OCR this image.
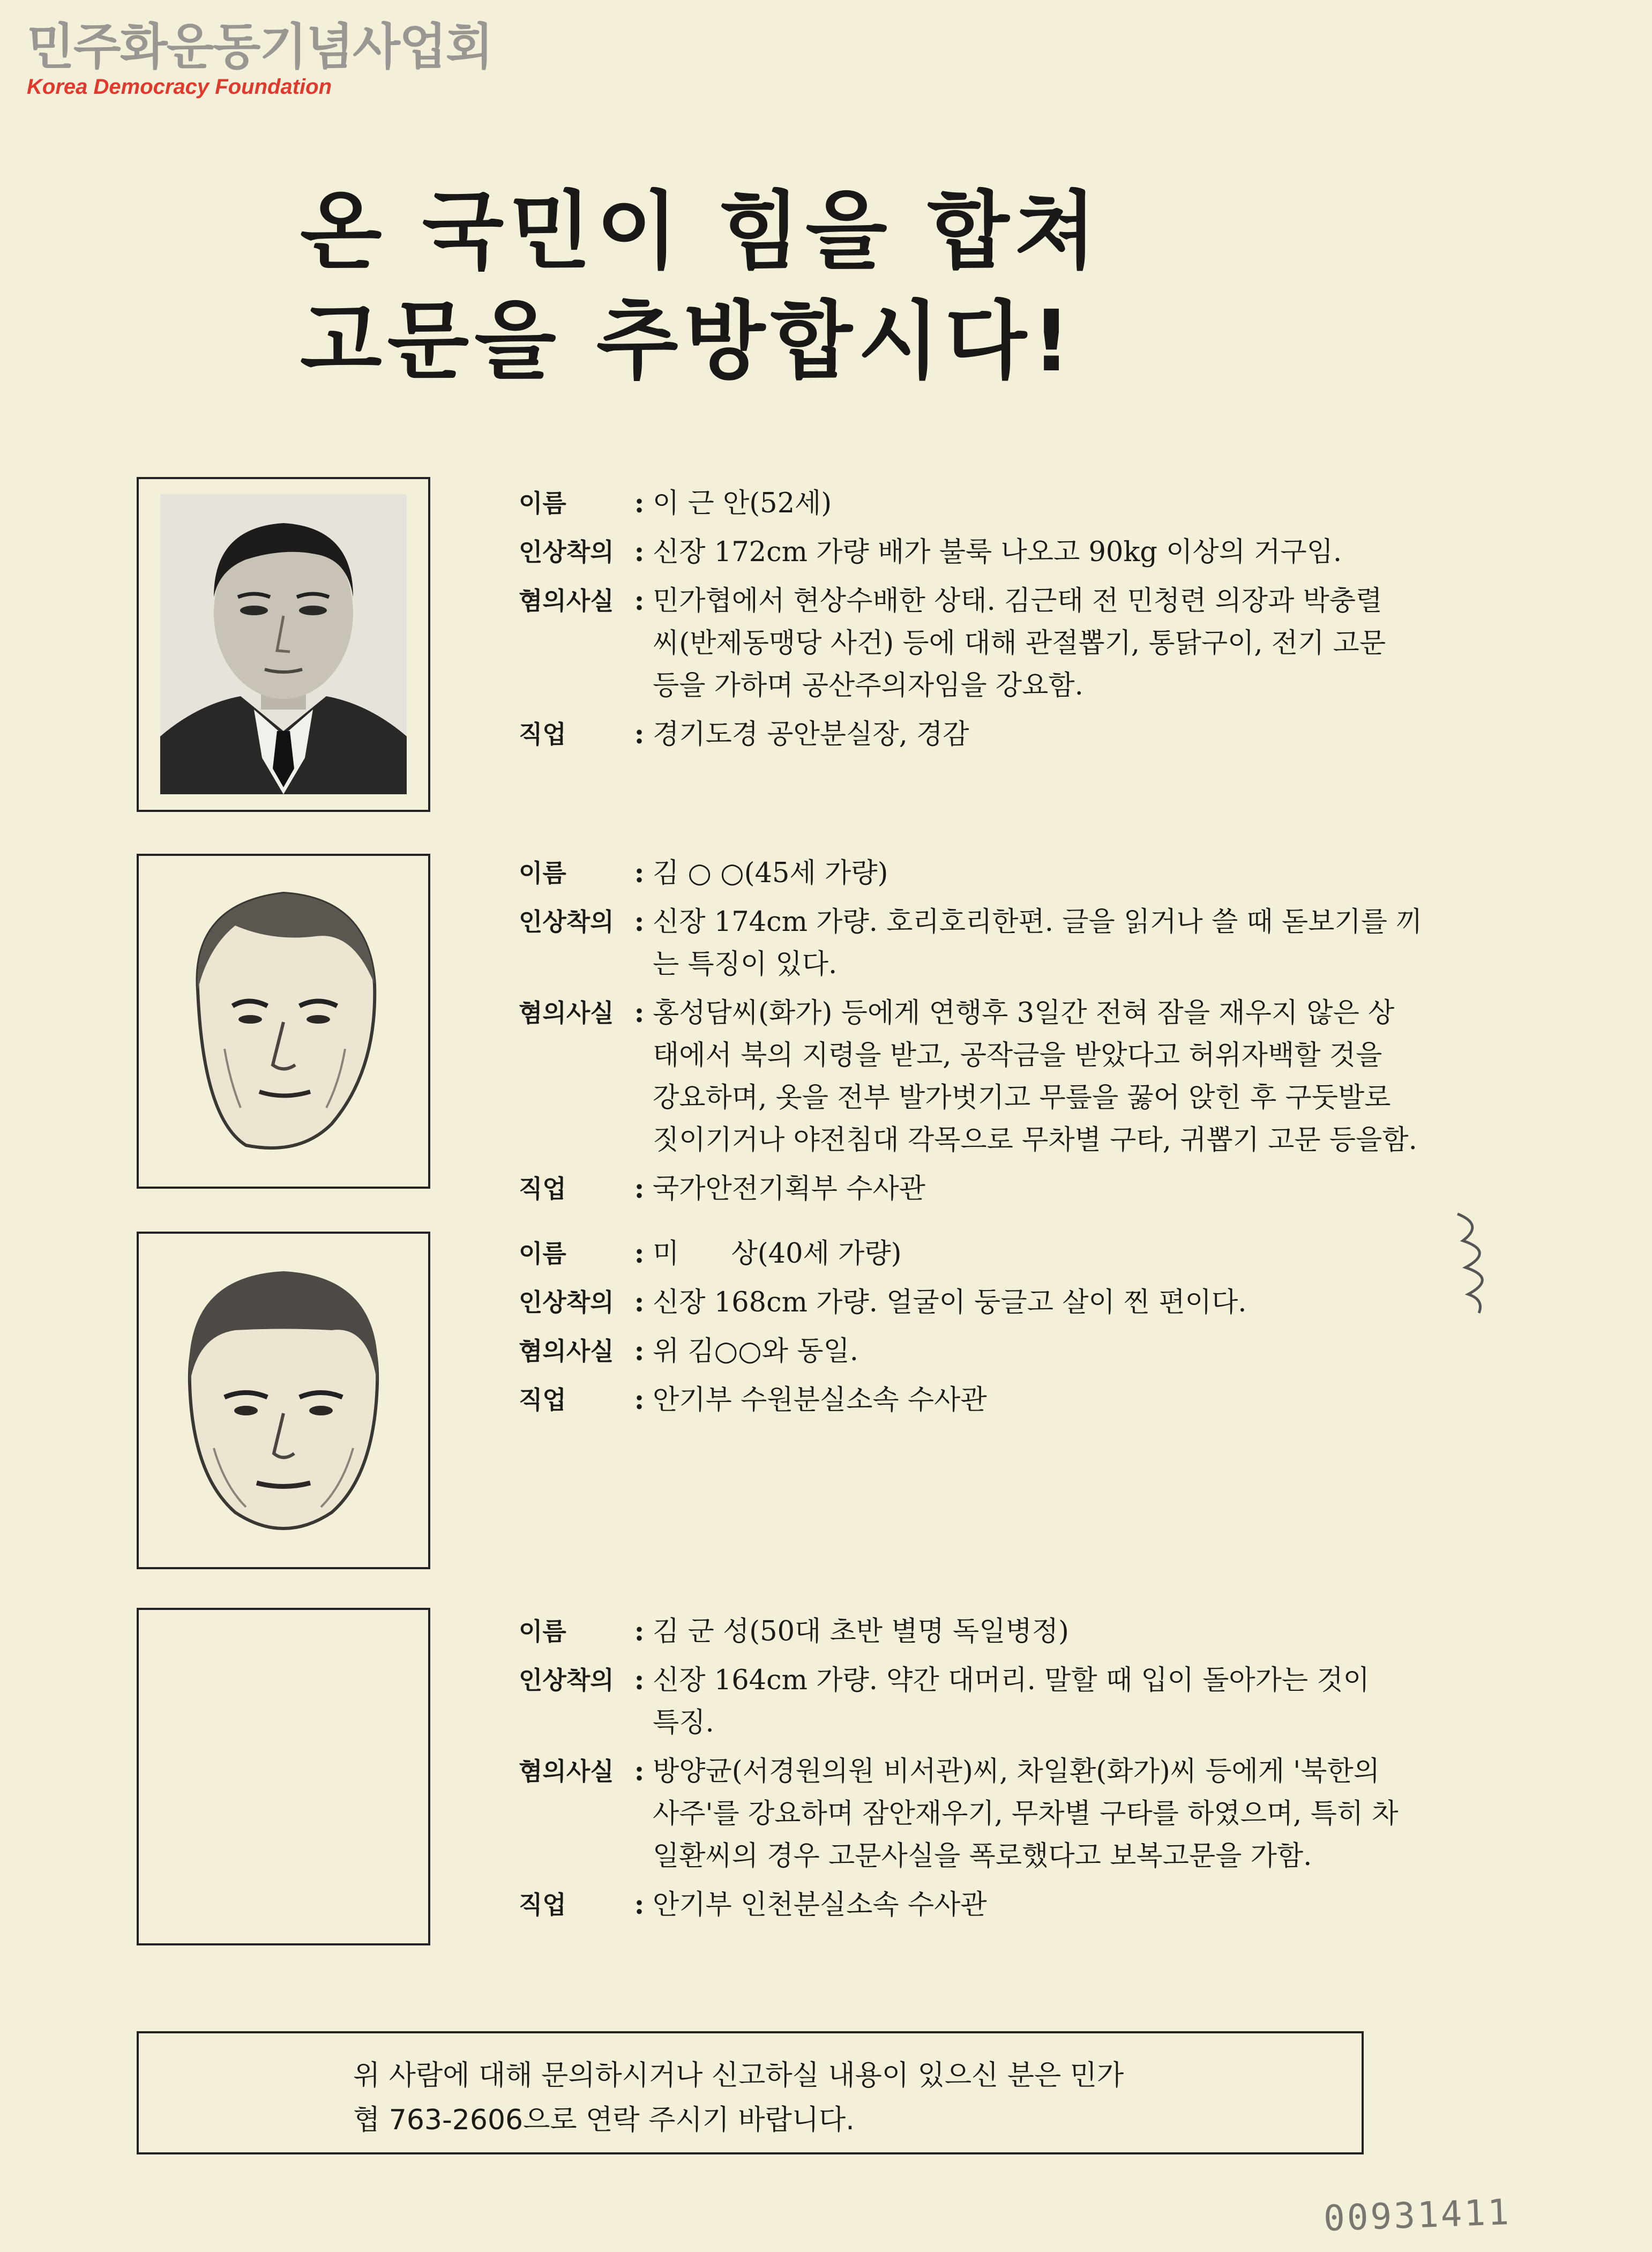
민주화운동기념사업회
Korea Democracy Foundation
온 국민이 힘을 합쳐
고문을 추방합시다!
이름	: 이 근 안(52세)
인상착의 : 신장 172cm 가량 배가 불룩 나오고 90kg 이상의 거구임.
혐의사실 : 민가협에서 현상수배한 상태. 김근태 전 민청련 의장과 박충렬
씨(반제동맹당 사건) 등에 대해 관절뽑기, 통닭구이, 전기 고문
등을 가하며 공산주의자임을 강요함.
직업	: 경기도경 공안분실장, 경감
이름	: 김 ○ ○(45세 가량)
인상착의 : 신장 174cm 가량. 호리호리한편. 글을 읽거나 쓸 때 돋보기를 끼
는 특징이 있다.
혐의사실 : 홍성담씨(화가) 등에게 연행후 3일간 전혀 잠을 재우지 않은 상
태에서 북의 지령을 받고, 공작금을 받았다고 허위자백할 것을
강요하며, 옷을 전부 발가벗기고 무릎을 꿇어 앉힌 후 구둣발로
짓이기거나 야전침대 각목으로 무차별 구타, 귀뽑기 고문 등을함.
직업	: 국가안전기획부 수사관
이름	: 미      상(40세 가량)
인상착의 : 신장 168cm 가량. 얼굴이 둥글고 살이 찐 편이다.
혐의사실 : 위 김○○와 동일.
직업	: 안기부 수원분실소속 수사관
이름	: 김 군 성(50대 초반 별명 독일병정)
인상착의 : 신장 164cm 가량. 약간 대머리. 말할 때 입이 돌아가는 것이
특징.
혐의사실 : 방양균(서경원의원 비서관)씨, 차일환(화가)씨 등에게 '북한의
사주'를 강요하며 잠안재우기, 무차별 구타를 하였으며, 특히 차
일환씨의 경우 고문사실을 폭로했다고 보복고문을 가함.
직업	: 안기부 인천분실소속 수사관
위 사람에 대해 문의하시거나 신고하실 내용이 있으신 분은 민가
협 763-2606으로 연락 주시기 바랍니다.
00931411
